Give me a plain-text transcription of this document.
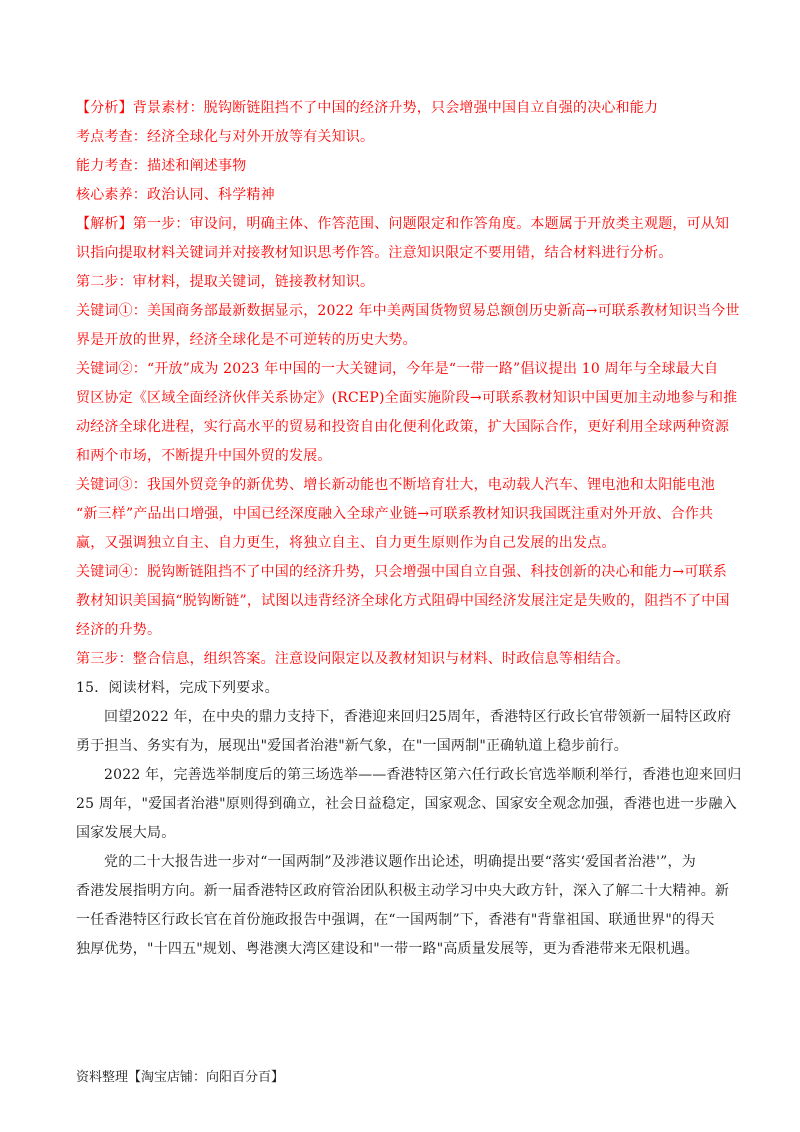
【分析】背景素材：脱钩断链阻挡不了中国的经济升势，只会增强中国自立自强的决心和能力
考点考查：经济全球化与对外开放等有关知识。
能力考查：描述和阐述事物
核心素养：政治认同、科学精神
【解析】第一步：审设问，明确主体、作答范围、问题限定和作答角度。本题属于开放类主观题，可从知
识指向提取材料关键词并对接教材知识思考作答。注意知识限定不要用错，结合材料进行分析。
第二步：审材料，提取关键词，链接教材知识。
关键词①：美国商务部最新数据显示，2022 年中美两国货物贸易总额创历史新高→可联系教材知识当今世
界是开放的世界，经济全球化是不可逆转的历史大势。
关键词②：“开放”成为 2023 年中国的一大关键词，今年是“一带一路”倡议提出 10 周年与全球最大自
贸区协定《区域全面经济伙伴关系协定》(RCEP)全面实施阶段→可联系教材知识中国更加主动地参与和推
动经济全球化进程，实行高水平的贸易和投资自由化便利化政策，扩大国际合作，更好利用全球两种资源
和两个市场，不断提升中国外贸的发展。
关键词③：我国外贸竞争的新优势、增长新动能也不断培育壮大，电动载人汽车、锂电池和太阳能电池
“新三样”产品出口增强，中国已经深度融入全球产业链→可联系教材知识我国既注重对外开放、合作共
赢，又强调独立自主、自力更生，将独立自主、自力更生原则作为自己发展的出发点。
关键词④：脱钩断链阻挡不了中国的经济升势，只会增强中国自立自强、科技创新的决心和能力→可联系
教材知识美国搞“脱钩断链”，试图以违背经济全球化方式阻碍中国经济发展注定是失败的，阻挡不了中国
经济的升势。
第三步：整合信息，组织答案。注意设问限定以及教材知识与材料、时政信息等相结合。
15．阅读材料，完成下列要求。
回望2022 年，在中央的鼎力支持下，香港迎来回归25周年，香港特区行政长官带领新一届特区政府
勇于担当、务实有为，展现出"爱国者治港"新气象，在"一国两制"正确轨道上稳步前行。
2022 年，完善选举制度后的第三场选举——香港特区第六任行政长官选举顺利举行，香港也迎来回归
25 周年，"爱国者治港"原则得到确立，社会日益稳定，国家观念、国家安全观念加强，香港也进一步融入
国家发展大局。
党的二十大报告进一步对“一国两制”及涉港议题作出论述，明确提出要“落实‘爱国者治港'”，为
香港发展指明方向。新一届香港特区政府管治团队积极主动学习中央大政方针，深入了解二十大精神。新
一任香港特区行政长官在首份施政报告中强调，在“一国两制”下，香港有"背靠祖国、联通世界"的得天
独厚优势，"十四五"规划、粤港澳大湾区建设和"一带一路"高质量发展等，更为香港带来无限机遇。
资料整理【淘宝店铺：向阳百分百】
